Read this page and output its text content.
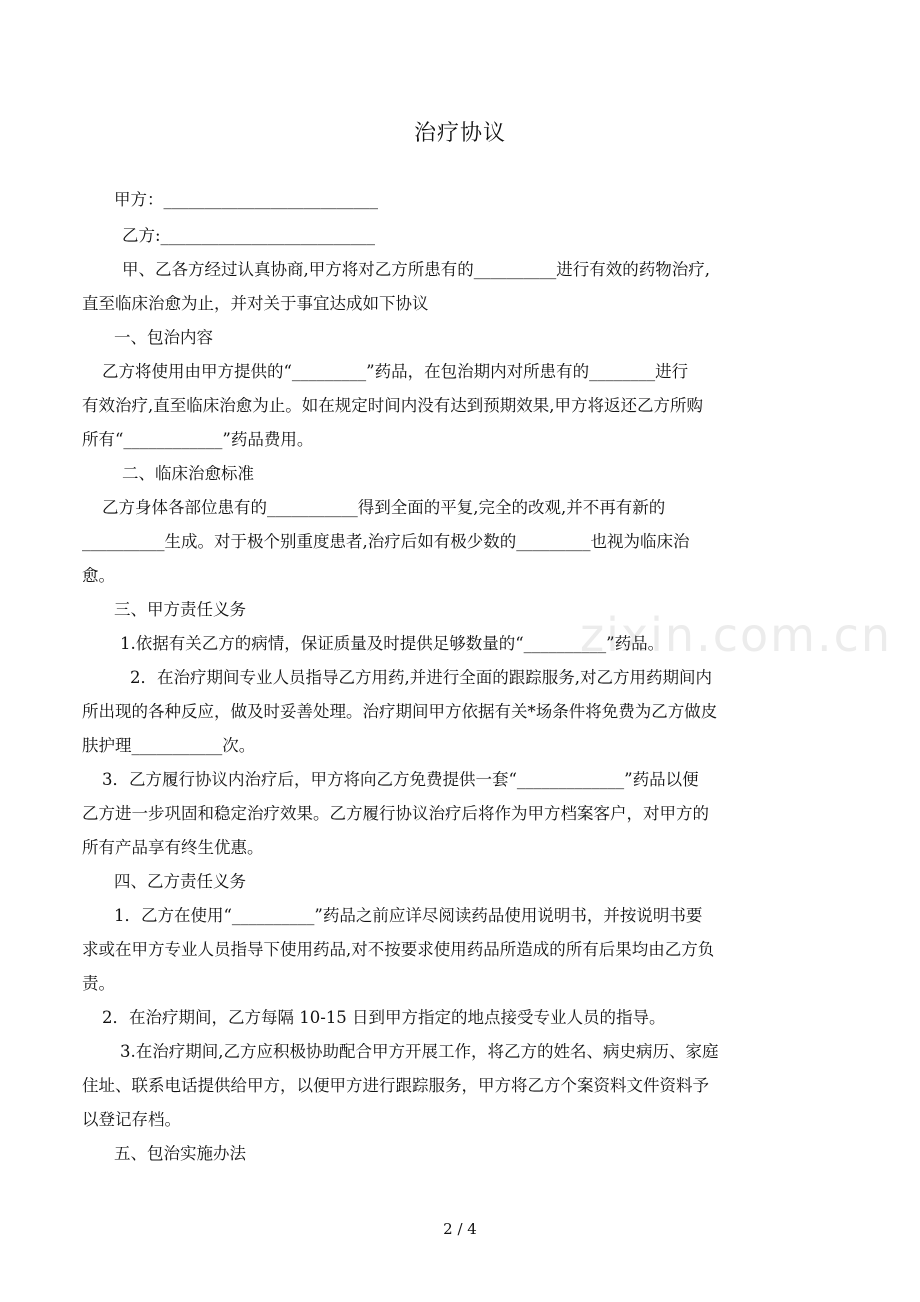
zixin.com.cn
治疗协议
甲方：__________________________
乙方:__________________________
甲、乙各方经过认真协商,甲方将对乙方所患有的__________进行有效的药物治疗,
直至临床治愈为止，并对关于事宜达成如下协议
一、包治内容
乙方将使用由甲方提供的“_________”药品，在包治期内对所患有的________进行
有效治疗,直至临床治愈为止。如在规定时间内没有达到预期效果,甲方将返还乙方所购
所有“____________”药品费用。
二、临床治愈标准
乙方身体各部位患有的___________得到全面的平复,完全的改观,并不再有新的
__________生成。对于极个别重度患者,治疗后如有极少数的_________也视为临床治
愈。
三、甲方责任义务
1.依据有关乙方的病情，保证质量及时提供足够数量的“__________”药品。
2．在治疗期间专业人员指导乙方用药,并进行全面的跟踪服务,对乙方用药期间内
所出现的各种反应，做及时妥善处理。治疗期间甲方依据有关*场条件将免费为乙方做皮
肤护理___________次。
3．乙方履行协议内治疗后，甲方将向乙方免费提供一套“_____________”药品以便
乙方进一步巩固和稳定治疗效果。乙方履行协议治疗后将作为甲方档案客户，对甲方的
所有产品享有终生优惠。
四、乙方责任义务
1．乙方在使用“__________”药品之前应详尽阅读药品使用说明书，并按说明书要
求或在甲方专业人员指导下使用药品,对不按要求使用药品所造成的所有后果均由乙方负
责。
2．在治疗期间，乙方每隔 10-15 日到甲方指定的地点接受专业人员的指导。
3.在治疗期间,乙方应积极协助配合甲方开展工作，将乙方的姓名、病史病历、家庭
住址、联系电话提供给甲方，以便甲方进行跟踪服务，甲方将乙方个案资料文件资料予
以登记存档。
五、包治实施办法
2 / 4
